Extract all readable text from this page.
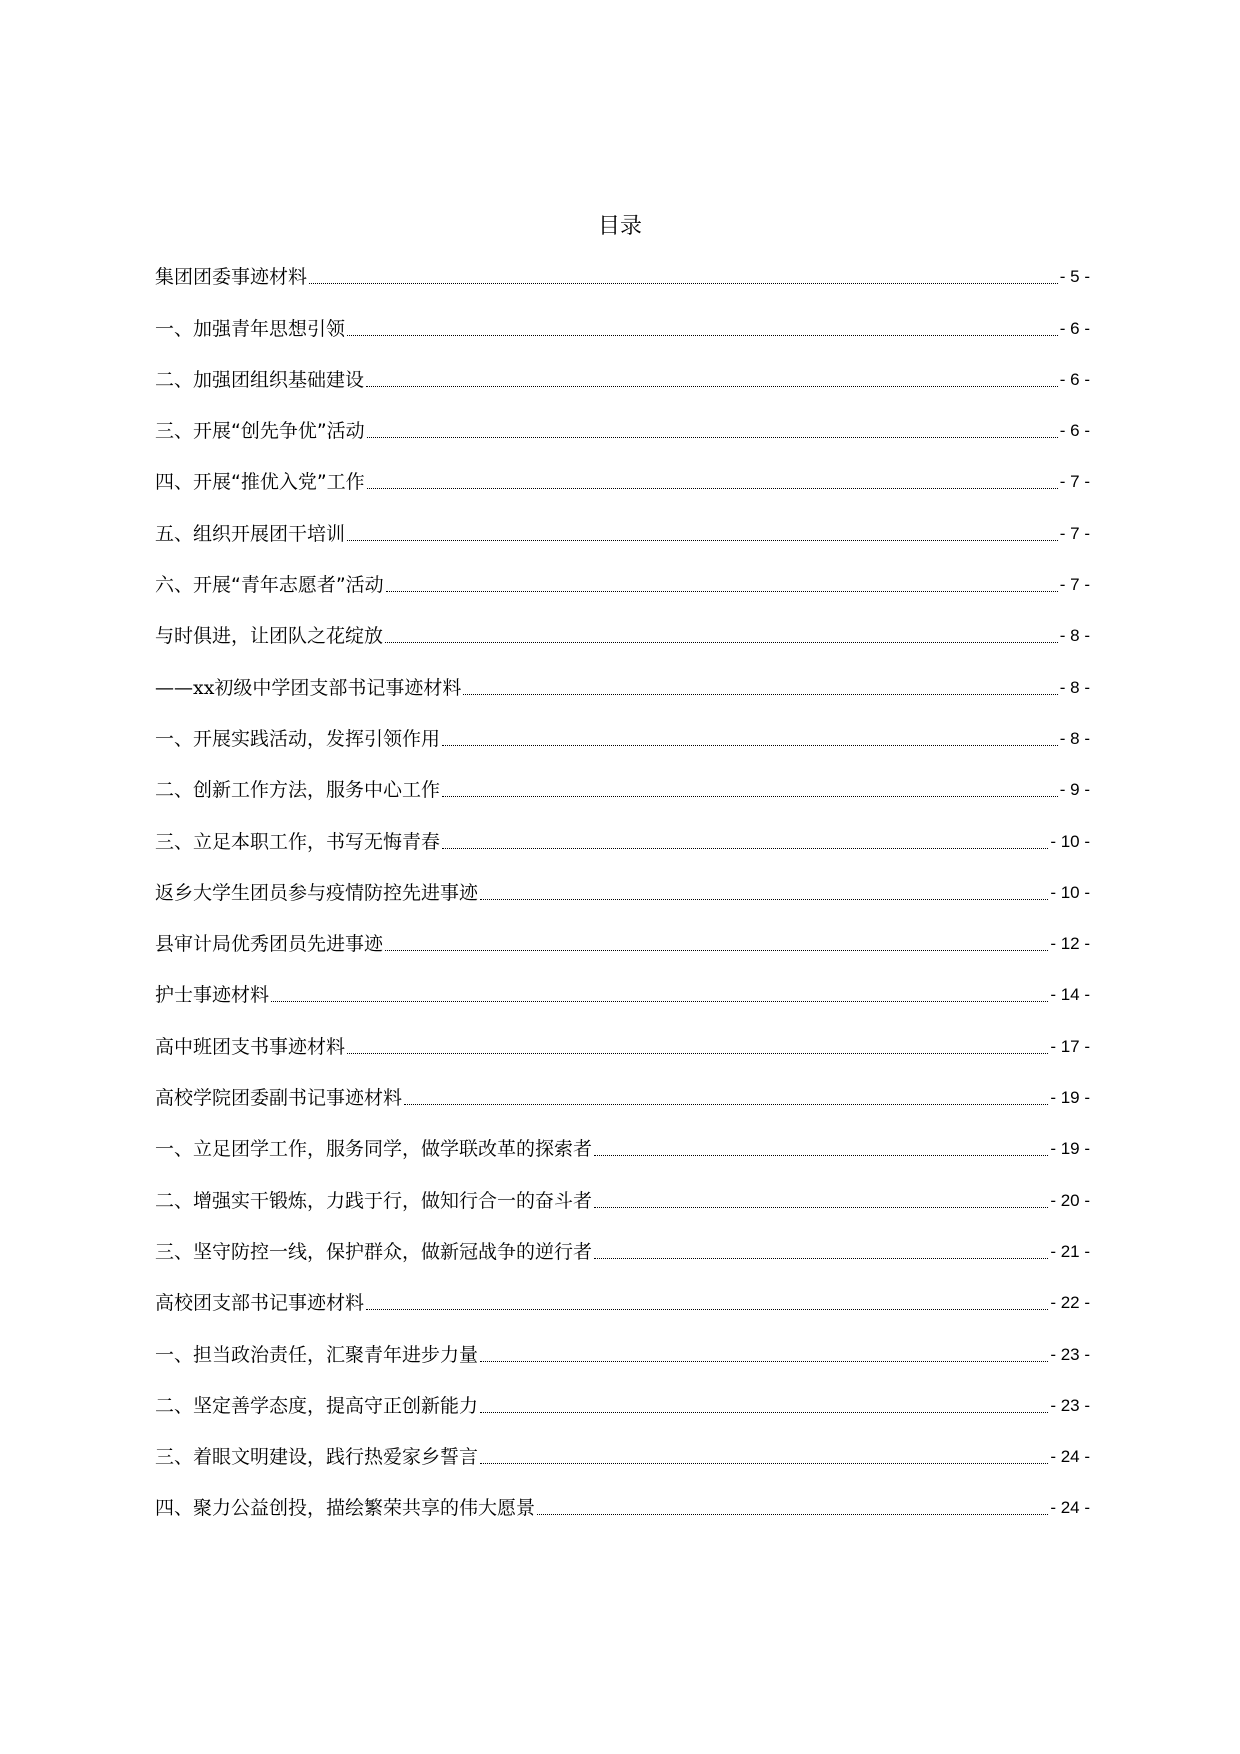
目录
集团团委事迹材料	- 5 -
一、加强青年思想引领	- 6 -
二、加强团组织基础建设	- 6 -
三、开展“创先争优”活动	- 6 -
四、开展“推优入党”工作	- 7 -
五、组织开展团干培训	- 7 -
六、开展“青年志愿者”活动	- 7 -
与时俱进，让团队之花绽放	- 8 -
——xx初级中学团支部书记事迹材料	- 8 -
一、开展实践活动，发挥引领作用	- 8 -
二、创新工作方法，服务中心工作	- 9 -
三、立足本职工作，书写无悔青春	- 10 -
返乡大学生团员参与疫情防控先进事迹	- 10 -
县审计局优秀团员先进事迹	- 12 -
护士事迹材料	- 14 -
高中班团支书事迹材料	- 17 -
高校学院团委副书记事迹材料	- 19 -
一、立足团学工作，服务同学，做学联改革的探索者	- 19 -
二、增强实干锻炼，力践于行，做知行合一的奋斗者	- 20 -
三、坚守防控一线，保护群众，做新冠战争的逆行者	- 21 -
高校团支部书记事迹材料	- 22 -
一、担当政治责任，汇聚青年进步力量	- 23 -
二、坚定善学态度，提高守正创新能力	- 23 -
三、着眼文明建设，践行热爱家乡誓言	- 24 -
四、聚力公益创投，描绘繁荣共享的伟大愿景	- 24 -
